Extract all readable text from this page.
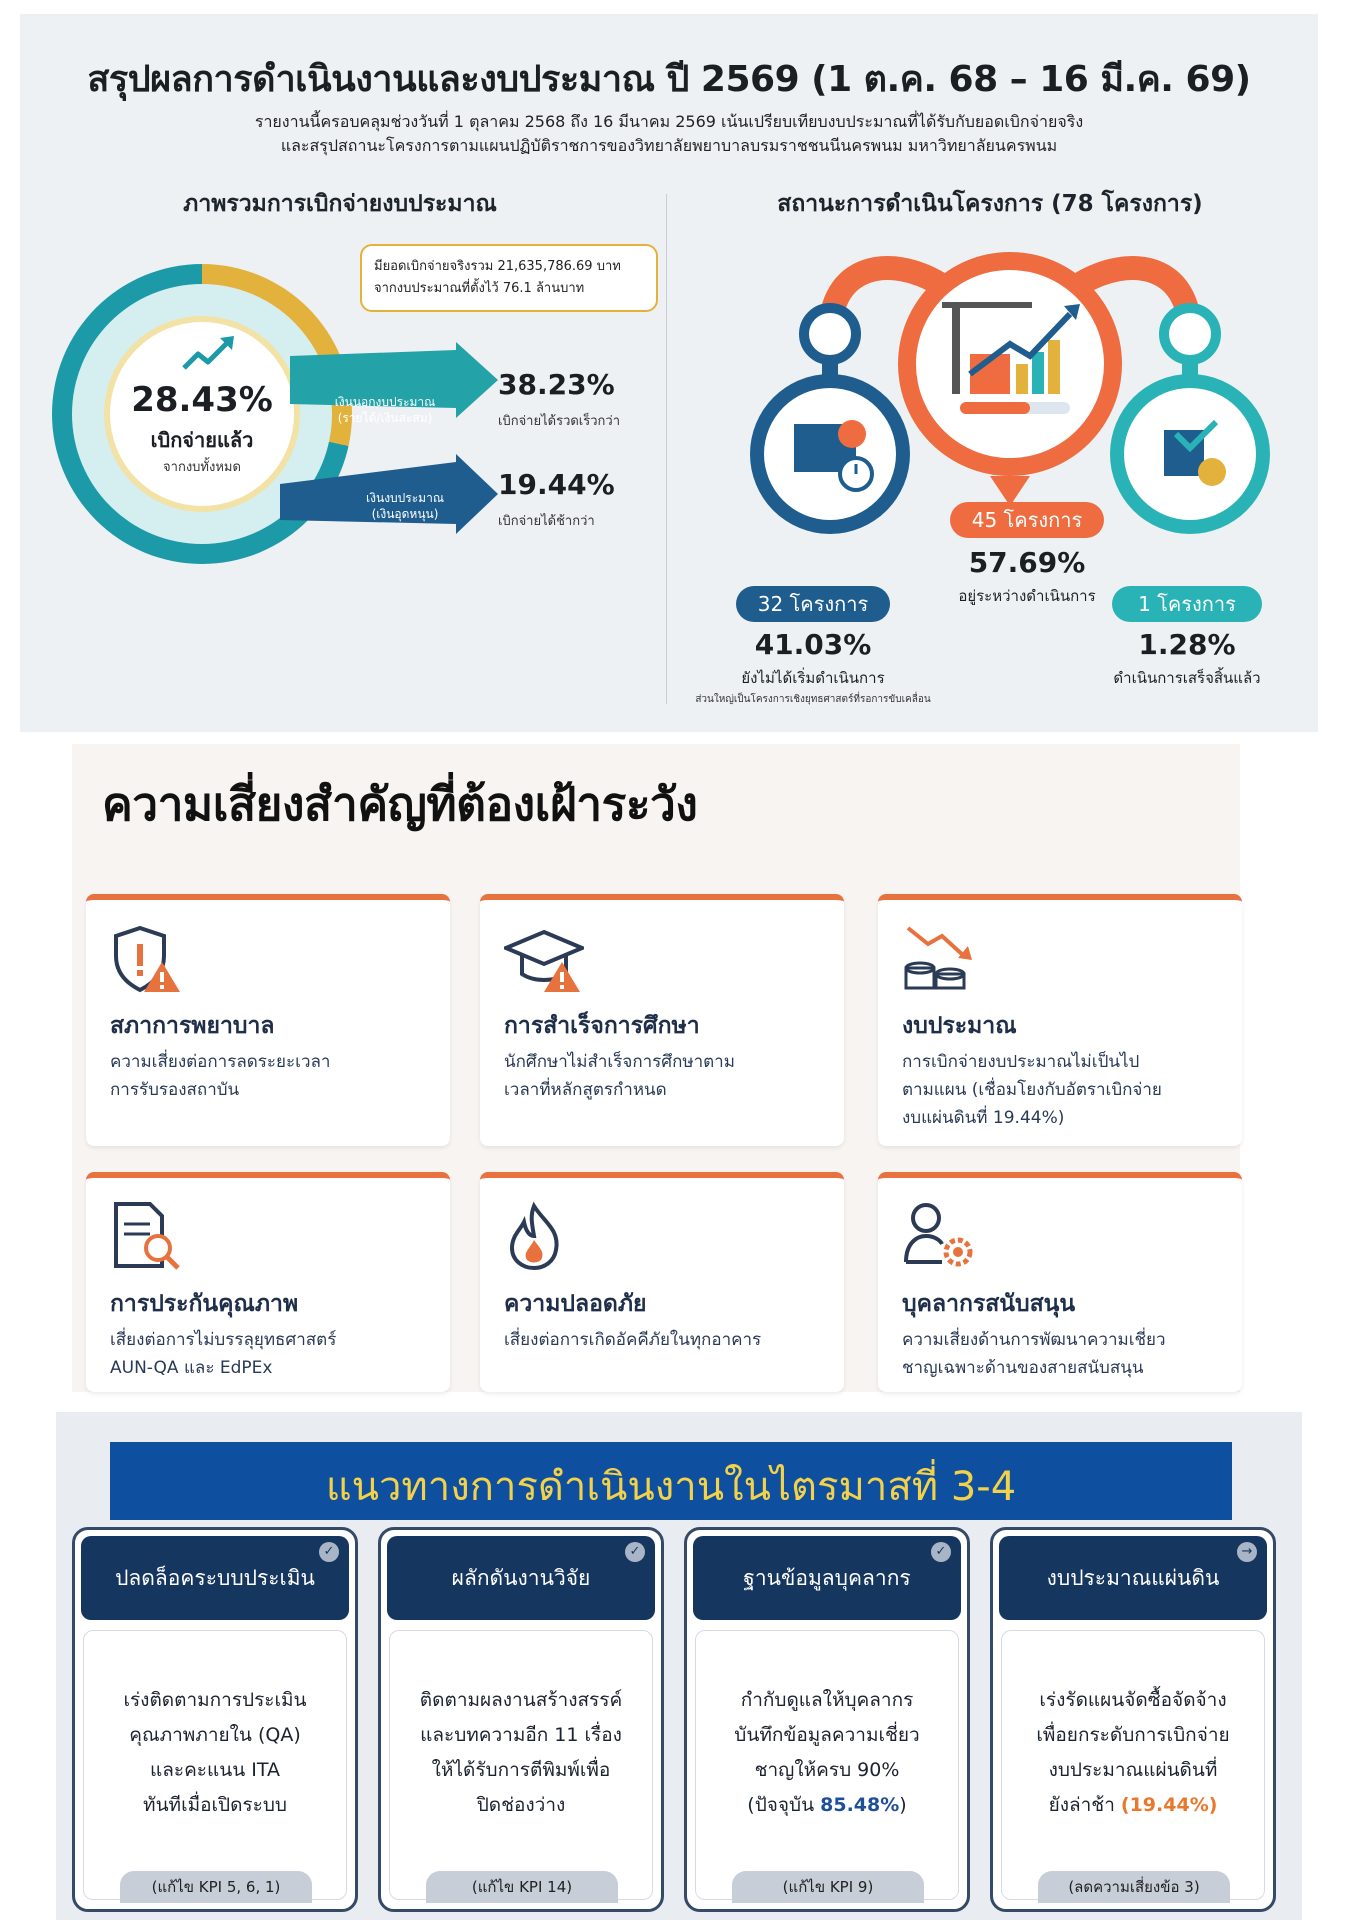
สรุปผลการดำเนินงานและงบประมาณ ปี 2569 (1 ต.ค. 68 – 16 มี.ค. 69)
รายงานนี้ครอบคลุมช่วงวันที่ 1 ตุลาคม 2568 ถึง 16 มีนาคม 2569 เน้นเปรียบเทียบงบประมาณที่ได้รับกับยอดเบิกจ่ายจริง
และสรุปสถานะโครงการตามแผนปฏิบัติราชการของวิทยาลัยพยาบาลบรมราชชนนีนครพนม มหาวิทยาลัยนครพนม
ภาพรวมการเบิกจ่ายงบประมาณ	สถานะการดำเนินโครงการ (78 โครงการ)
28.43%
เบิกจ่ายแล้ว
จากงบทั้งหมด
มียอดเบิกจ่ายจริงรวม 21,635,786.69 บาท
จากงบประมาณที่ตั้งไว้ 76.1 ล้านบาท
เงินนอกงบประมาณ
(รายได้/เงินสะสม)
38.23%
เบิกจ่ายได้รวดเร็วกว่า
เงินงบประมาณ
(เงินอุดหนุน)
19.44%
เบิกจ่ายได้ช้ากว่า	45 โครงการ
57.69%
อยู่ระหว่างดำเนินการ
32 โครงการ
41.03%
ยังไม่ได้เริ่มดำเนินการ
ส่วนใหญ่เป็นโครงการเชิงยุทธศาสตร์ที่รอการขับเคลื่อน
1 โครงการ
1.28%
ดำเนินการเสร็จสิ้นแล้ว
ความเสี่ยงสำคัญที่ต้องเฝ้าระวัง
สภาการพยาบาล
ความเสี่ยงต่อการลดระยะเวลา
การรับรองสถาบัน
การสำเร็จการศึกษา
นักศึกษาไม่สำเร็จการศึกษาตาม
เวลาที่หลักสูตรกำหนด
งบประมาณ
การเบิกจ่ายงบประมาณไม่เป็นไป
ตามแผน (เชื่อมโยงกับอัตราเบิกจ่าย
งบแผ่นดินที่ 19.44%)
การประกันคุณภาพ
เสี่ยงต่อการไม่บรรลุยุทธศาสตร์
AUN-QA และ EdPEx
ความปลอดภัย
เสี่ยงต่อการเกิดอัคคีภัยในทุกอาคาร
บุคลากรสนับสนุน
ความเสี่ยงด้านการพัฒนาความเชี่ยว
ชาญเฉพาะด้านของสายสนับสนุน
แนวทางการดำเนินงานในไตรมาสที่ 3-4
✓
ปลดล็อคระบบประเมิน
เร่งติดตามการประเมิน
คุณภาพภายใน (QA)
และคะแนน ITA
ทันทีเมื่อเปิดระบบ
(แก้ไข KPI 5, 6, 1)
✓
ผลักดันงานวิจัย
ติดตามผลงานสร้างสรรค์
และบทความอีก 11 เรื่อง
ให้ได้รับการตีพิมพ์เพื่อ
ปิดช่องว่าง
(แก้ไข KPI 14)
✓
ฐานข้อมูลบุคลากร
กำกับดูแลให้บุคลากร
บันทึกข้อมูลความเชี่ยว
ชาญให้ครบ 90%
(ปัจจุบัน 85.48%)
(แก้ไข KPI 9)
→
งบประมาณแผ่นดิน
เร่งรัดแผนจัดซื้อจัดจ้าง
เพื่อยกระดับการเบิกจ่าย
งบประมาณแผ่นดินที่
ยังล่าช้า (19.44%)
(ลดความเสี่ยงข้อ 3)
